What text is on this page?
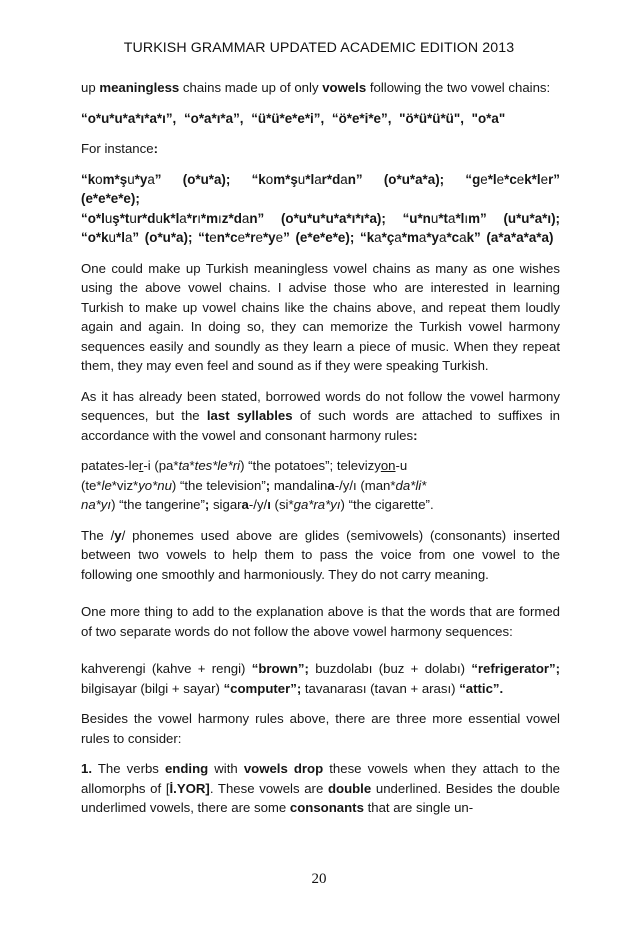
TURKISH GRAMMAR UPDATED ACADEMIC EDITION 2013

up meaningless chains made up of only vowels following the two vowel chains:

“o*u*u*a*ı*a*ı”, “o*a*ı*a”, “ü*ü*e*e*i”, “ö*e*i*e”, "ö*ü*ü*ü", "o*a"

For instance:

“kom*şu*ya” (o*u*a); “kom*şu*lar*dan” (o*u*a*a); “ge*le*cek*ler” (e*e*e*e);

“o*luş*tur*duk*la*rı*mız*dan” (o*u*u*u*a*ı*ı*a); “u*nu*ta*lım” (u*u*a*ı);

“o*ku*la” (o*u*a); “ten*ce*re*ye” (e*e*e*e); “ka*ça*ma*ya*cak” (a*a*a*a*a)

One could make up Turkish meaningless vowel chains as many as one wishes using the above vowel chains. I advise those who are interested in learning Turkish to make up vowel chains like the chains above, and repeat them loudly again and again. In doing so, they can memorize the Turkish vowel harmony sequences easily and soundly as they learn a piece of music. When they repeat them, they may even feel and sound as if they were speaking Turkish.

As it has already been stated, borrowed words do not follow the vowel harmony sequences, but the last syllables of such words are attached to suffixes in accordance with the vowel and consonant harmony rules:

patates-ler-i (pa*ta*tes*le*ri) “the potatoes”; televizyon-u
(te*le*viz*yo*nu) “the television”; mandalina-/y/ı (man*da*li*
na*yı) “the tangerine”; sigara-/y/ı (si*ga*ra*yı) “the cigarette”.

The /y/ phonemes used above are glides (semivowels) (consonants) inserted between two vowels to help them to pass the voice from one vowel to the following one smoothly and harmoniously. They do not carry meaning.

One more thing to add to the explanation above is that the words that are formed of two separate words do not follow the above vowel harmony sequences:

kahverengi (kahve + rengi) “brown”; buzdolabı (buz + dolabı) “refrigerator”; bilgisayar (bilgi + sayar) “computer”; tavanarası (tavan + arası) “attic”.

Besides the vowel harmony rules above, there are three more essential vowel rules to consider:

1. The verbs ending with vowels drop these vowels when they attach to the allomorphs of [İ.YOR]. These vowels are double underlined. Besides the double underlimed vowels, there are some consonants that are single un-

20
